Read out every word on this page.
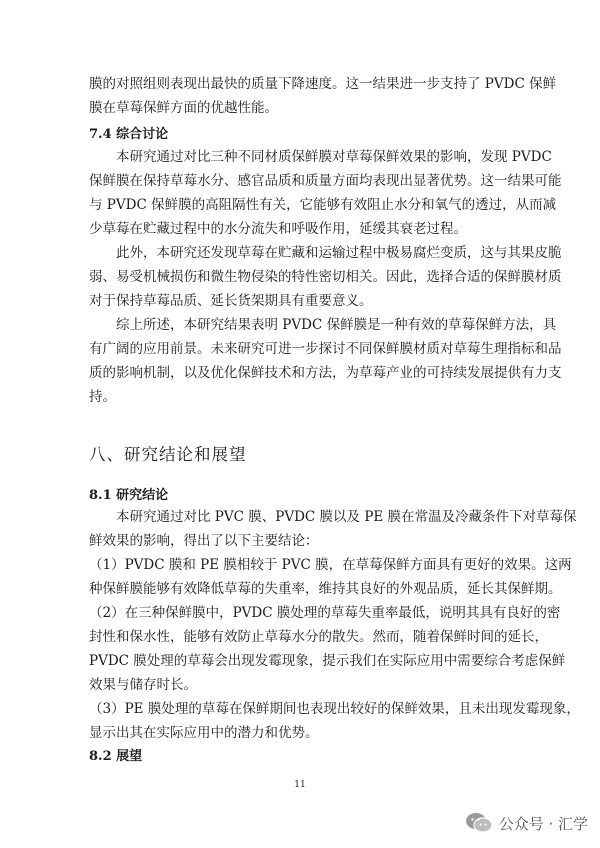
膜的对照组则表现出最快的质量下降速度。这一结果进一步支持了 PVDC 保鲜
膜在草莓保鲜方面的优越性能。

7.4 综合讨论

本研究通过对比三种不同材质保鲜膜对草莓保鲜效果的影响，发现 PVDC
保鲜膜在保持草莓水分、感官品质和质量方面均表现出显著优势。这一结果可能
与 PVDC 保鲜膜的高阻隔性有关，它能够有效阻止水分和氧气的透过，从而减
少草莓在贮藏过程中的水分流失和呼吸作用，延缓其衰老过程。

此外，本研究还发现草莓在贮藏和运输过程中极易腐烂变质，这与其果皮脆
弱、易受机械损伤和微生物侵染的特性密切相关。因此，选择合适的保鲜膜材质
对于保持草莓品质、延长货架期具有重要意义。

综上所述，本研究结果表明 PVDC 保鲜膜是一种有效的草莓保鲜方法，具
有广阔的应用前景。未来研究可进一步探讨不同保鲜膜材质对草莓生理指标和品
质的影响机制，以及优化保鲜技术和方法，为草莓产业的可持续发展提供有力支
持。

八、研究结论和展望

8.1 研究结论

本研究通过对比 PVC 膜、PVDC 膜以及 PE 膜在常温及冷藏条件下对草莓保
鲜效果的影响，得出了以下主要结论：

（1）PVDC 膜和 PE 膜相较于 PVC 膜，在草莓保鲜方面具有更好的效果。这两
种保鲜膜能够有效降低草莓的失重率，维持其良好的外观品质，延长其保鲜期。

（2）在三种保鲜膜中，PVDC 膜处理的草莓失重率最低，说明其具有良好的密
封性和保水性，能够有效防止草莓水分的散失。然而，随着保鲜时间的延长，
PVDC 膜处理的草莓会出现发霉现象，提示我们在实际应用中需要综合考虑保鲜
效果与储存时长。

（3）PE 膜处理的草莓在保鲜期间也表现出较好的保鲜效果，且未出现发霉现象，
显示出其在实际应用中的潜力和优势。

8.2 展望

11
公众号 · 汇学
